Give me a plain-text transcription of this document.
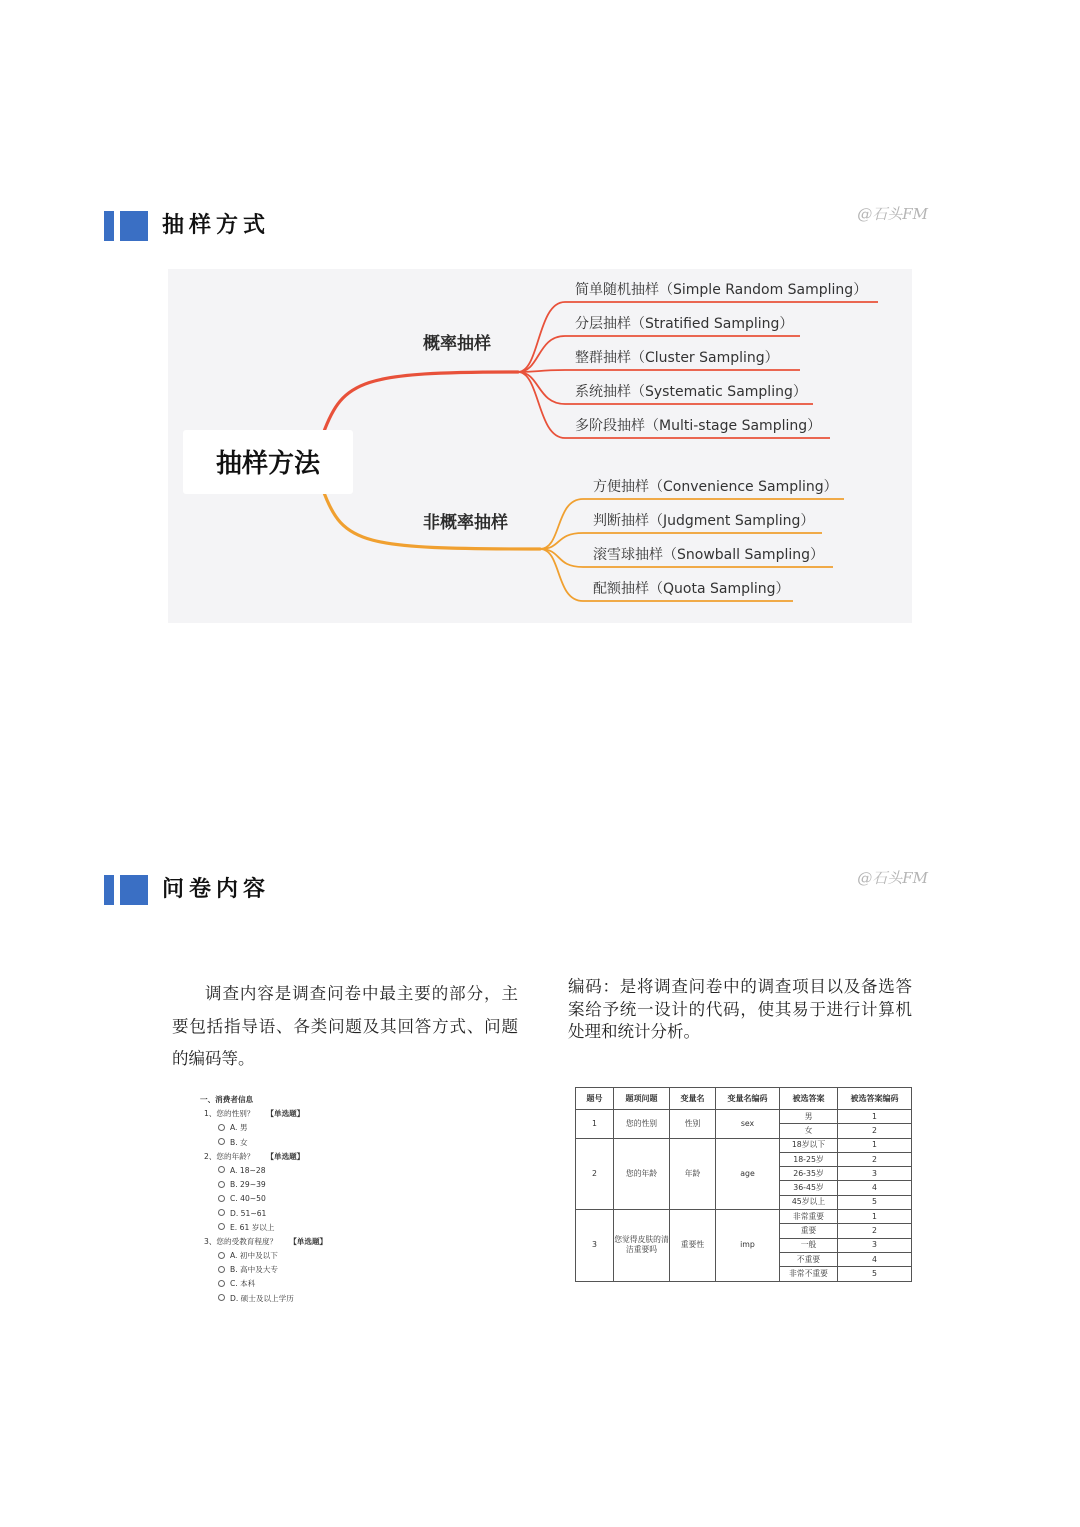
抽样方式	@石头FM
概率抽样
简单随机抽样（Simple Random Sampling）
分层抽样（Stratified Sampling）
整群抽样（Cluster Sampling）
系统抽样（Systematic Sampling）
多阶段抽样（Multi-stage Sampling）
非概率抽样
方便抽样（Convenience Sampling）
判断抽样（Judgment Sampling）
滚雪球抽样（Snowball Sampling）
配额抽样（Quota Sampling）
抽样方法
问卷内容	@石头FM

调查内容是调查问卷中最主要的部分，主要包括指导语、各类问题及其回答方式、问题的编码等。

编码：是将调查问卷中的调查项目以及备选答案给予统一设计的代码，使其易于进行计算机处理和统计分析。

一、消费者信息
1、您的性别？ 【单选题】
A. 男
B. 女
2、您的年龄？ 【单选题】
A. 18~28
B. 29~39
C. 40~50
D. 51~61
E. 61 岁以上
3、您的受教育程度？ 【单选题】
A. 初中及以下
B. 高中及大专
C. 本科
D. 硕士及以上学历
题号	题项问题	变量名	变量名编码	被选答案	被选答案编码
1	您的性别	性别	sex	男	1
				女	2
2	您的年龄	年龄	age	18岁以下	1
				18-25岁	2
				26-35岁	3
				36-45岁	4
				45岁以上	5
3	您觉得皮肤的清洁重要吗	重要性	imp	非常重要	1
				重要	2
				一般	3
				不重要	4
				非常不重要	5
